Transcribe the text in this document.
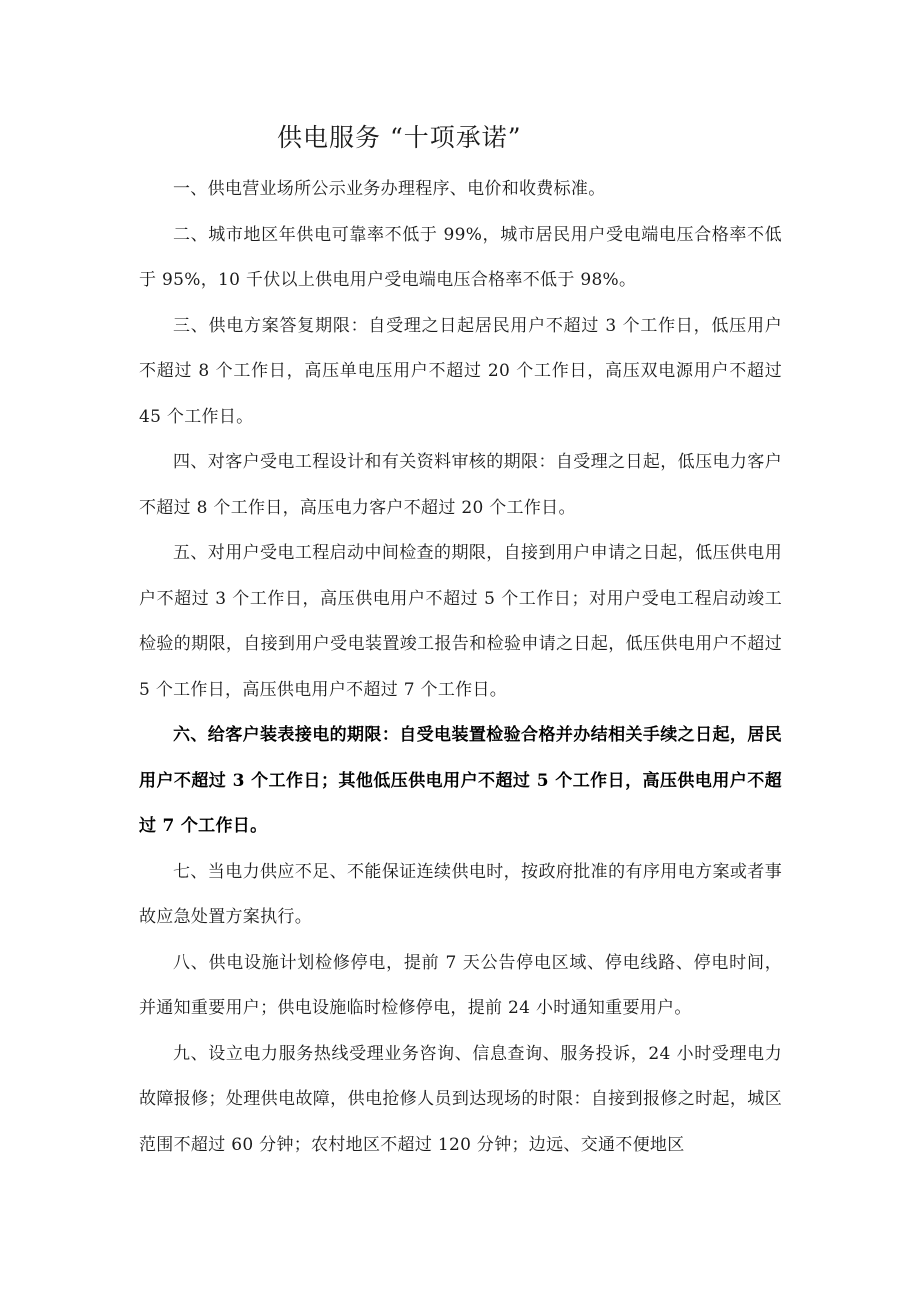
供电服务 “十项承诺”

一、供电营业场所公示业务办理程序、电价和收费标准。

二、城市地区年供电可靠率不低于 99%，城市居民用户受电端电压合格率不低于 95%，10 千伏以上供电用户受电端电压合格率不低于 98%。

三、供电方案答复期限：自受理之日起居民用户不超过 3 个工作日，低压用户不超过 8 个工作日，高压单电压用户不超过 20 个工作日，高压双电源用户不超过 45 个工作日。

四、对客户受电工程设计和有关资料审核的期限：自受理之日起，低压电力客户不超过 8 个工作日，高压电力客户不超过 20 个工作日。

五、对用户受电工程启动中间检查的期限，自接到用户申请之日起，低压供电用户不超过 3 个工作日，高压供电用户不超过 5 个工作日；对用户受电工程启动竣工检验的期限，自接到用户受电装置竣工报告和检验申请之日起，低压供电用户不超过 5 个工作日，高压供电用户不超过 7 个工作日。

六、给客户装表接电的期限：自受电装置检验合格并办结相关手续之日起，居民用户不超过 3 个工作日；其他低压供电用户不超过 5 个工作日，高压供电用户不超过 7 个工作日。

七、当电力供应不足、不能保证连续供电时，按政府批准的有序用电方案或者事故应急处置方案执行。

八、供电设施计划检修停电，提前 7 天公告停电区域、停电线路、停电时间，并通知重要用户；供电设施临时检修停电，提前 24 小时通知重要用户。

九、设立电力服务热线受理业务咨询、信息查询、服务投诉，24 小时受理电力故障报修；处理供电故障，供电抢修人员到达现场的时限：自接到报修之时起，城区范围不超过 60 分钟；农村地区不超过 120 分钟；边远、交通不便地区
